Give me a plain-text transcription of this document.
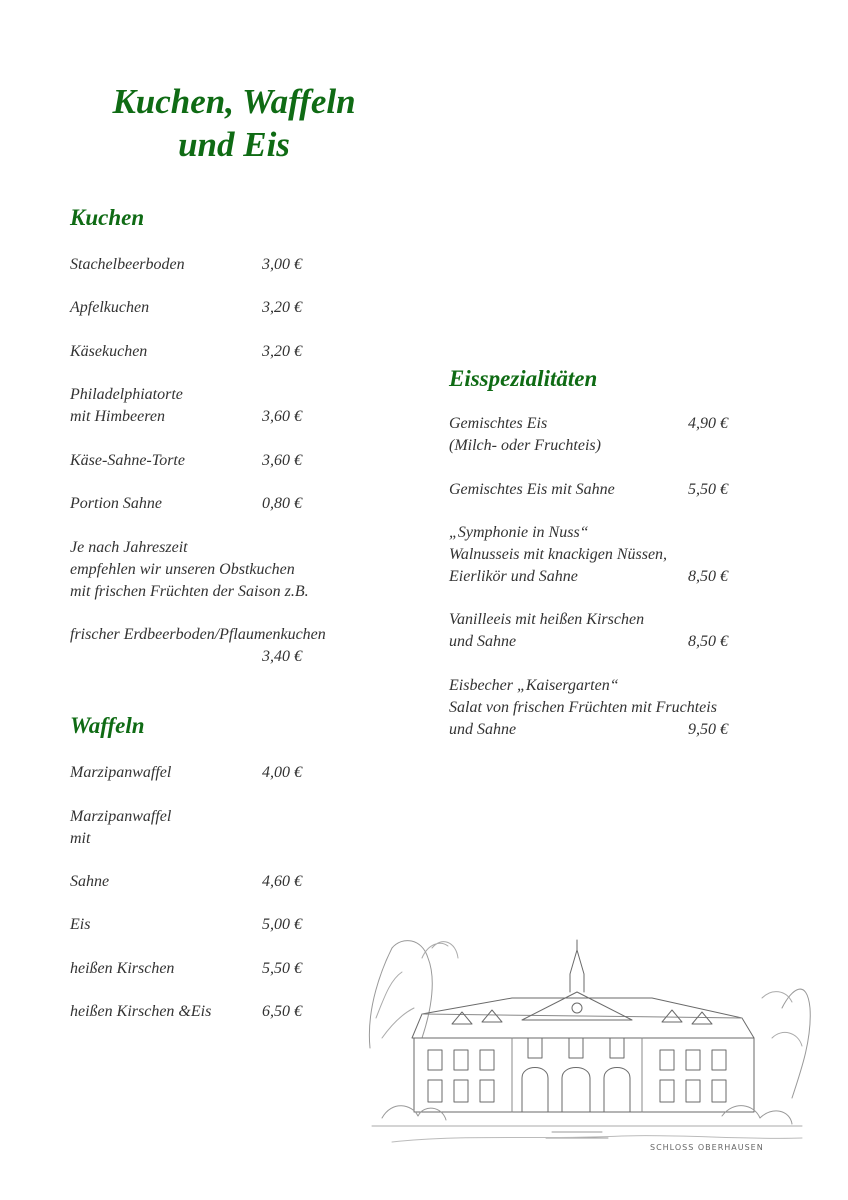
Kuchen, Waffeln
und Eis
Kuchen
Stachelbeerboden	3,00 €
Apfelkuchen	3,20 €
Käsekuchen	3,20 €
Philadelphiatorte
mit Himbeeren	3,60 €
Käse-Sahne-Torte	3,60 €
Portion Sahne	0,80 €
Je nach Jahreszeit
empfehlen wir unseren Obstkuchen
mit frischen Früchten der Saison z.B.
frischer Erdbeerboden/Pflaumenkuchen
3,40 €
Waffeln
Marzipanwaffel	4,00 €
Marzipanwaffel
mit
Sahne	4,60 €
Eis	5,00 €
heißen Kirschen	5,50 €
heißen Kirschen &Eis	6,50 €
Eisspezialitäten
Gemischtes Eis	4,90 €
(Milch- oder Fruchteis)
Gemischtes Eis mit Sahne	5,50 €
„Symphonie in Nuss“
Walnusseis mit knackigen Nüssen,
Eierlikör und Sahne	8,50 €
Vanilleeis mit heißen Kirschen
und Sahne	8,50 €
Eisbecher „Kaisergarten“
Salat von frischen Früchten mit Fruchteis
und Sahne	9,50 €
SCHLOSS OBERHAUSEN
